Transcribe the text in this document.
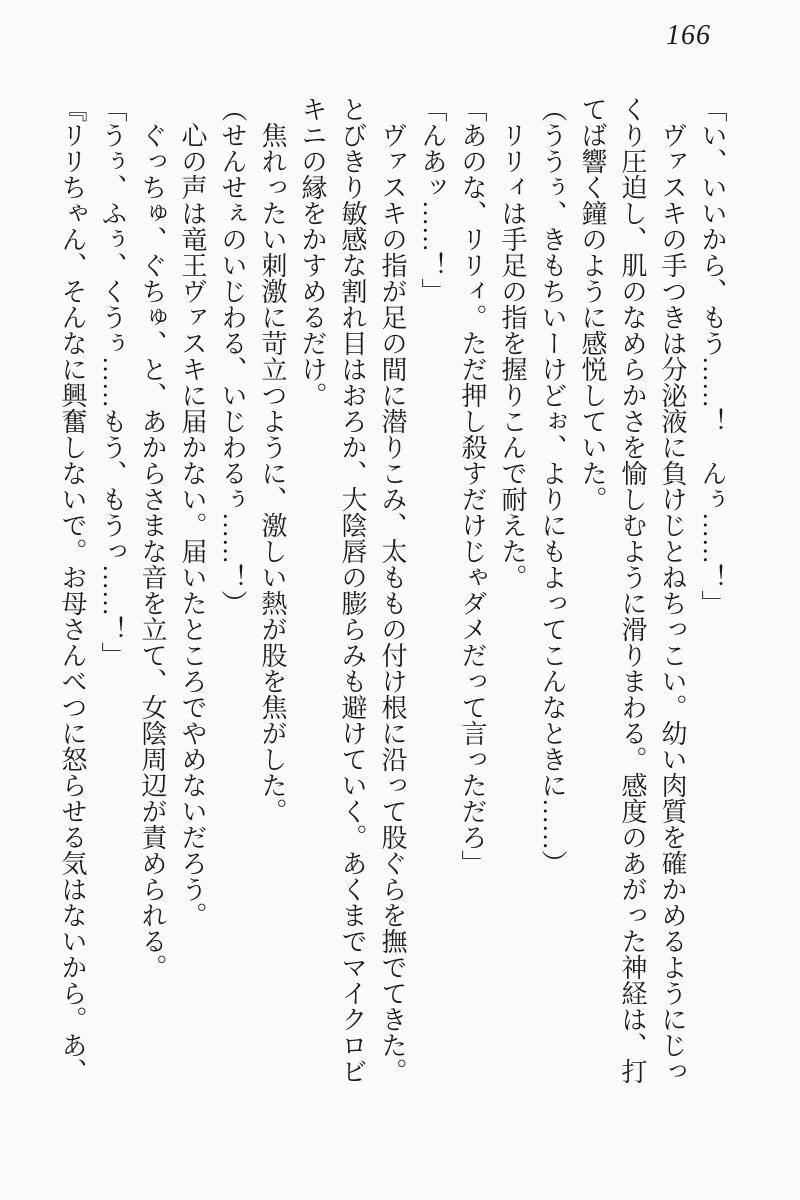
166
「い、いいから、もう……！　んぅ……！」
　ヴァスキの手つきは分泌液に負けじとねちっこい。幼い肉質を確かめるようにじっ
くり圧迫し、肌のなめらかさを愉しむように滑りまわる。感度のあがった神経は、打
てば響く鐘のように感悦していた。
（ううぅ、きもちいーけどぉ、よりにもよってこんなときに……）
　リリィは手足の指を握りこんで耐えた。
「あのな、リリィ。ただ押し殺すだけじゃダメだって言っただろ」
「んあッ……！」
　ヴァスキの指が足の間に潜りこみ、太ももの付け根に沿って股ぐらを撫でてきた。
とびきり敏感な割れ目はおろか、大陰唇の膨らみも避けていく。あくまでマイクロビ
キニの縁をかすめるだけ。
　焦れったい刺激に苛立つように、激しい熱が股を焦がした。
（せんせぇのいじわる、いじわるぅ……！）
　心の声は竜王ヴァスキに届かない。届いたところでやめないだろう。
　ぐっちゅ、ぐちゅ、と、あからさまな音を立て、女陰周辺が責められる。
「うぅ、ふぅ、くうぅ……もう、もうっ……！」
『リリちゃん、そんなに興奮しないで。お母さんべつに怒らせる気はないから。あ、
